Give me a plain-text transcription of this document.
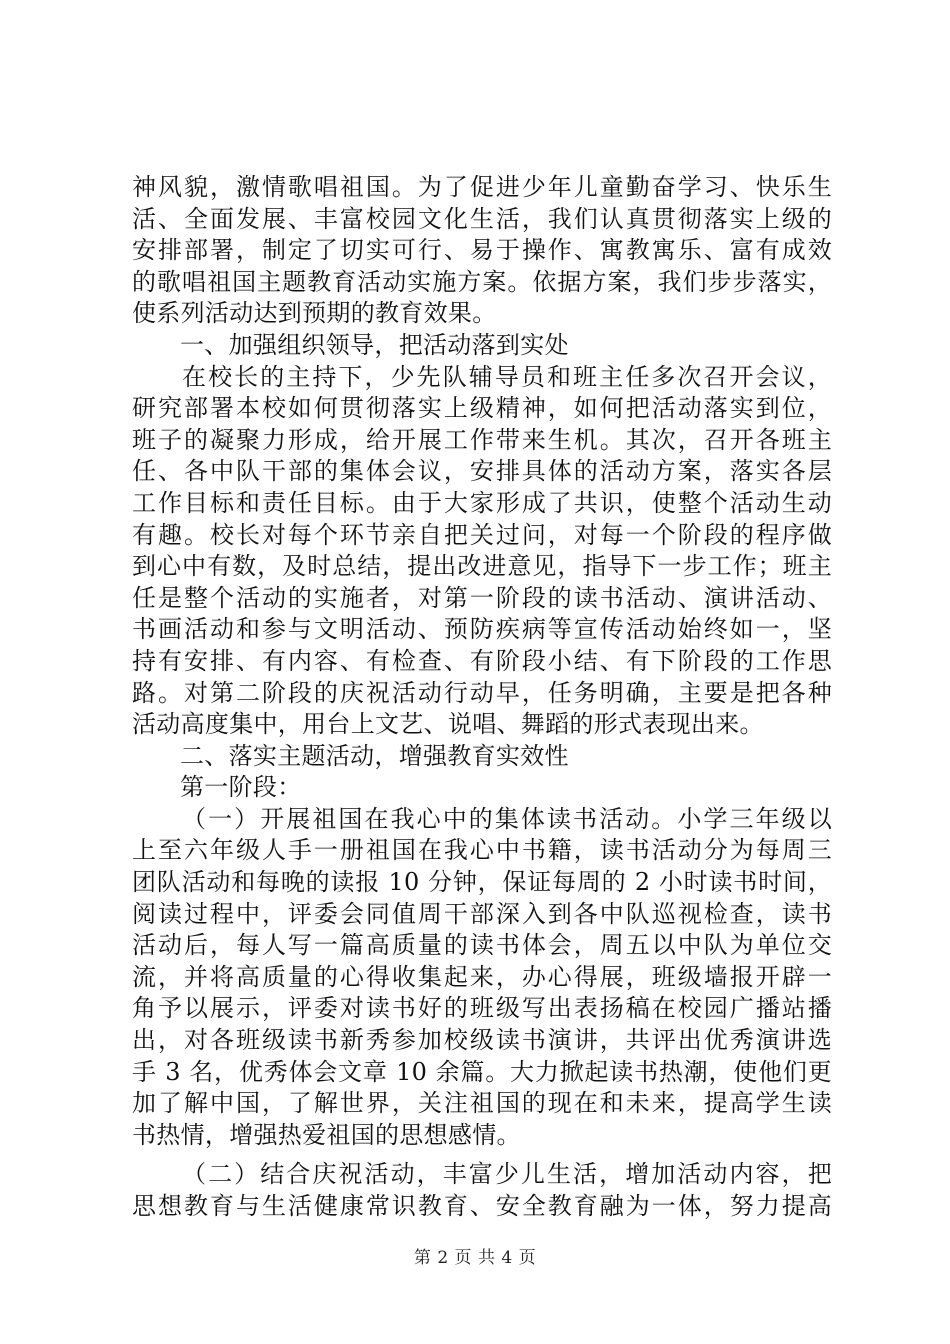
神风貌，激情歌唱祖国。为了促进少年儿童勤奋学习、快乐生
活、全面发展、丰富校园文化生活，我们认真贯彻落实上级的
安排部署，制定了切实可行、易于操作、寓教寓乐、富有成效
的歌唱祖国主题教育活动实施方案。依据方案，我们步步落实，
使系列活动达到预期的教育效果。
一、加强组织领导，把活动落到实处
在校长的主持下，少先队辅导员和班主任多次召开会议，
研究部署本校如何贯彻落实上级精神，如何把活动落实到位，
班子的凝聚力形成，给开展工作带来生机。其次，召开各班主
任、各中队干部的集体会议，安排具体的活动方案，落实各层
工作目标和责任目标。由于大家形成了共识，使整个活动生动
有趣。校长对每个环节亲自把关过问，对每一个阶段的程序做
到心中有数，及时总结，提出改进意见，指导下一步工作；班主
任是整个活动的实施者，对第一阶段的读书活动、演讲活动、
书画活动和参与文明活动、预防疾病等宣传活动始终如一，坚
持有安排、有内容、有检查、有阶段小结、有下阶段的工作思
路。对第二阶段的庆祝活动行动早，任务明确，主要是把各种
活动高度集中，用台上文艺、说唱、舞蹈的形式表现出来。
二、落实主题活动，增强教育实效性
第一阶段：
（一）开展祖国在我心中的集体读书活动。小学三年级以
上至六年级人手一册祖国在我心中书籍，读书活动分为每周三
团队活动和每晚的读报 10 分钟，保证每周的 2 小时读书时间，
阅读过程中，评委会同值周干部深入到各中队巡视检查，读书
活动后，每人写一篇高质量的读书体会，周五以中队为单位交
流，并将高质量的心得收集起来，办心得展，班级墙报开辟一
角予以展示，评委对读书好的班级写出表扬稿在校园广播站播
出，对各班级读书新秀参加校级读书演讲，共评出优秀演讲选
手 3 名，优秀体会文章 10 余篇。大力掀起读书热潮，使他们更
加了解中国，了解世界，关注祖国的现在和未来，提高学生读
书热情，增强热爱祖国的思想感情。
（二）结合庆祝活动，丰富少儿生活，增加活动内容，把
思想教育与生活健康常识教育、安全教育融为一体，努力提高
第 2 页 共 4 页
